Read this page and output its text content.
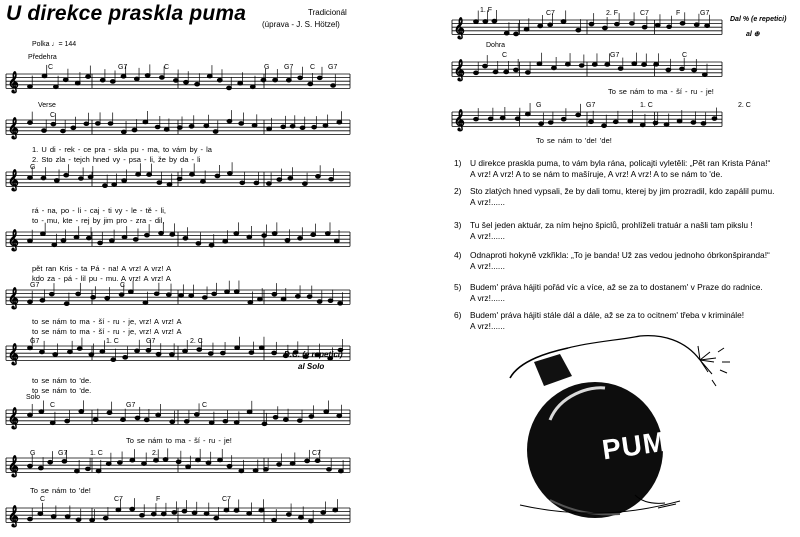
𝄞
𝄞
𝄞
𝄞
𝄞
𝄞
𝄞
𝄞
𝄞
U direkce praskla puma	Tradicionál
(úprava - J. S. Hötzel)
Polka ♩= 144
Předehra
C	G7	C	G G7 C G7
Verse
C
1. U di - rek - ce pra - skla pu - ma, to vám by - la
2. Sto zla - tejch hned vy - psa - li, že by da - li
G
rá - na, po - li - caj - ti vy - le - tě - li,
to - mu, kte - rej by jim pro - zra - dil,
pět ran Kris - ta Pá - na! A vrz! A vrz! A
kdo za - pá - lil pu - mu. A vrz! A vrz! A
G7	C
to se nám to ma - ší - ru - je, vrz! A vrz! A
to se nám to ma - ší - ru - je, vrz! A vrz! A
G7	1. C	G7	2. C
D.C. (e repetici)
al Solo
to se nám to 'de.
to se nám to 'de.
Solo
C	G7	C
To se nám to ma - ší - ru - je!
G	G7	1. C	2.	C7
To se nám to 'de!
C	C7	F	C7
𝄞
𝄞
𝄞
1. F	C7	2. F	C7	F	G7
Dal % (e repetici)
al ⊕
Dohra
C	G7	C
To se nám to ma - ší - ru - je!
G	G7	1. C	2. C
To se nám to 'de! 'de!
1) U direkce praskla puma, to vám byla rána, policajti vyletěli: „Pět ran Krista Pána!“
A vrz! A vrz! A to se nám to mašíruje, A vrz! A vrz! A to se nám to 'de.
2) Sto zlatých hned vypsali, že by dali tomu, kterej by jim prozradil, kdo zapálil pumu.
A vrz!......
3) Tu šel jeden aktuár, za ním hejno špiclů, prohlíželi tratuár a našli tam pikslu !
A vrz!......
4) Odnaproti hokyně vzkřikla: „To je banda! Už zas vedou jednoho óbrkonšpiranda!“
A vrz!......
5) Budem' práva hájiti pořád víc a více, až se za to dostanem' v Praze do radnice.
A vrz!......
6) Budem' práva hájiti stále dál a dále, až se za to ocitnem' třeba v kriminále!
A vrz!......
PUM
